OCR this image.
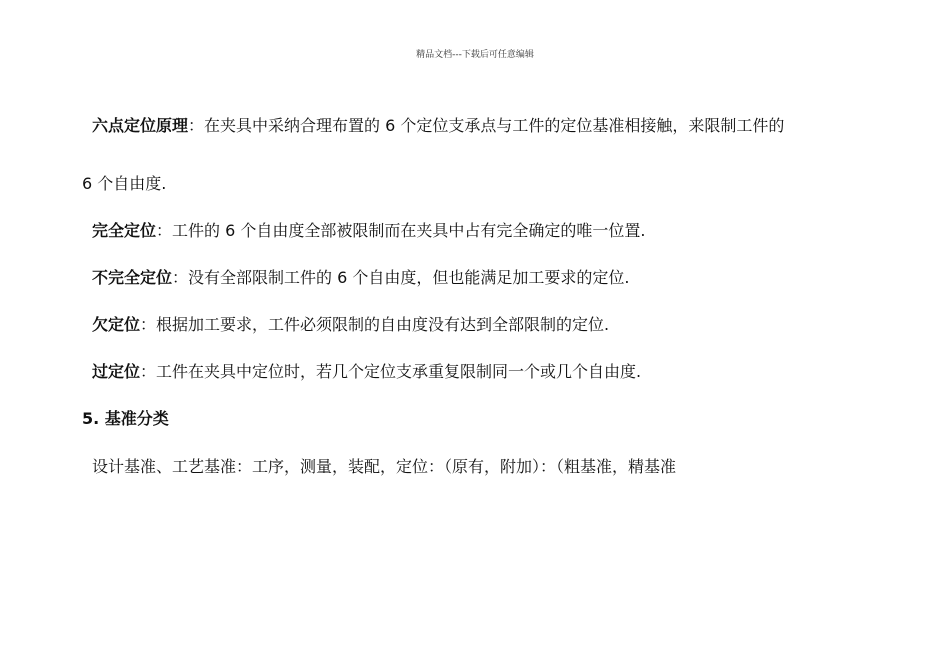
精品文档---下载后可任意编辑
六点定位原理：在夹具中采纳合理布置的 6 个定位支承点与工件的定位基准相接触，来限制工件的
6 个自由度.
完全定位：工件的 6 个自由度全部被限制而在夹具中占有完全确定的唯一位置.
不完全定位：没有全部限制工件的 6 个自由度，但也能满足加工要求的定位.
欠定位：根据加工要求，工件必须限制的自由度没有达到全部限制的定位.
过定位：工件在夹具中定位时，若几个定位支承重复限制同一个或几个自由度.
5. 基准分类
设计基准、工艺基准：工序，测量，装配，定位：（原有，附加）：（粗基准，精基准
